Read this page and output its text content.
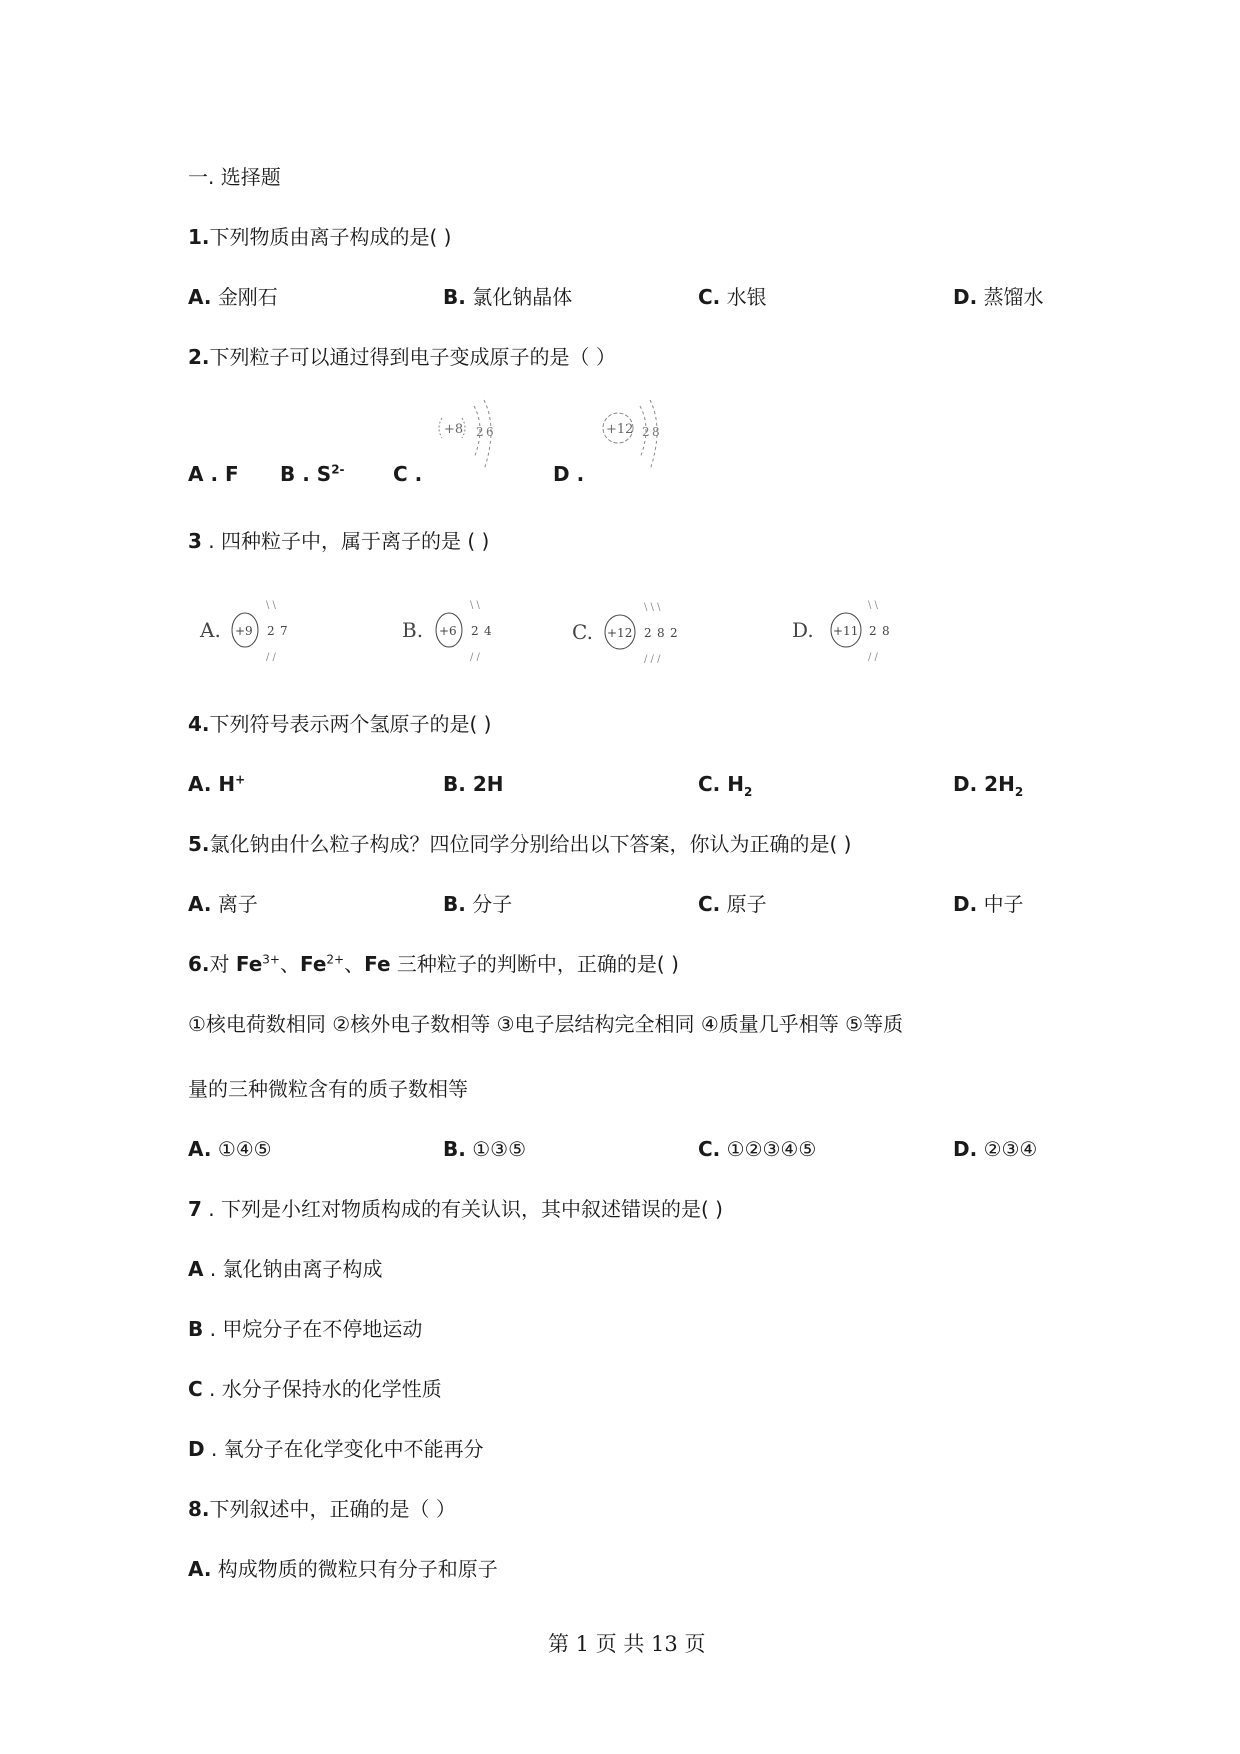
一. 选择题
1.下列物质由离子构成的是( )
A. 金刚石	B. 氯化钠晶体	C. 水银	D. 蒸馏水
2.下列粒子可以通过得到电子变成原子的是（ ）
A . F B . $S^{2-}$ C .
+8 2 6
D .
+12 2 8
3 . 四种粒子中，属于离子的是 ( )
A. +9 2 7
\ \
/ /
B. +6 2 4
\ \
/ /
C. +12 2 8 2
\ \ \
/ / /
D. +11 2 8
\ \
/ /
4.下列符号表示两个氢原子的是( )
A. H+	B. 2H	C. $H_2$	D. $2H_2$
5.氯化钠由什么粒子构成？四位同学分别给出以下答案，你认为正确的是( )
A. 离子	B. 分子	C. 原子	D. 中子
6.对 $Fe^{3+}$、$Fe^{2+}$、Fe 三种粒子的判断中，正确的是( )
①核电荷数相同 ②核外电子数相等 ③电子层结构完全相同 ④质量几乎相等 ⑤等质
量的三种微粒含有的质子数相等
A. ①④⑤	B. ①③⑤	C. ①②③④⑤	D. ②③④
7 . 下列是小红对物质构成的有关认识，其中叙述错误的是( )
A . 氯化钠由离子构成
B . 甲烷分子在不停地运动
C . 水分子保持水的化学性质
D . 氧分子在化学变化中不能再分
8.下列叙述中，正确的是（ ）
A. 构成物质的微粒只有分子和原子
第 1 页 共 13 页
